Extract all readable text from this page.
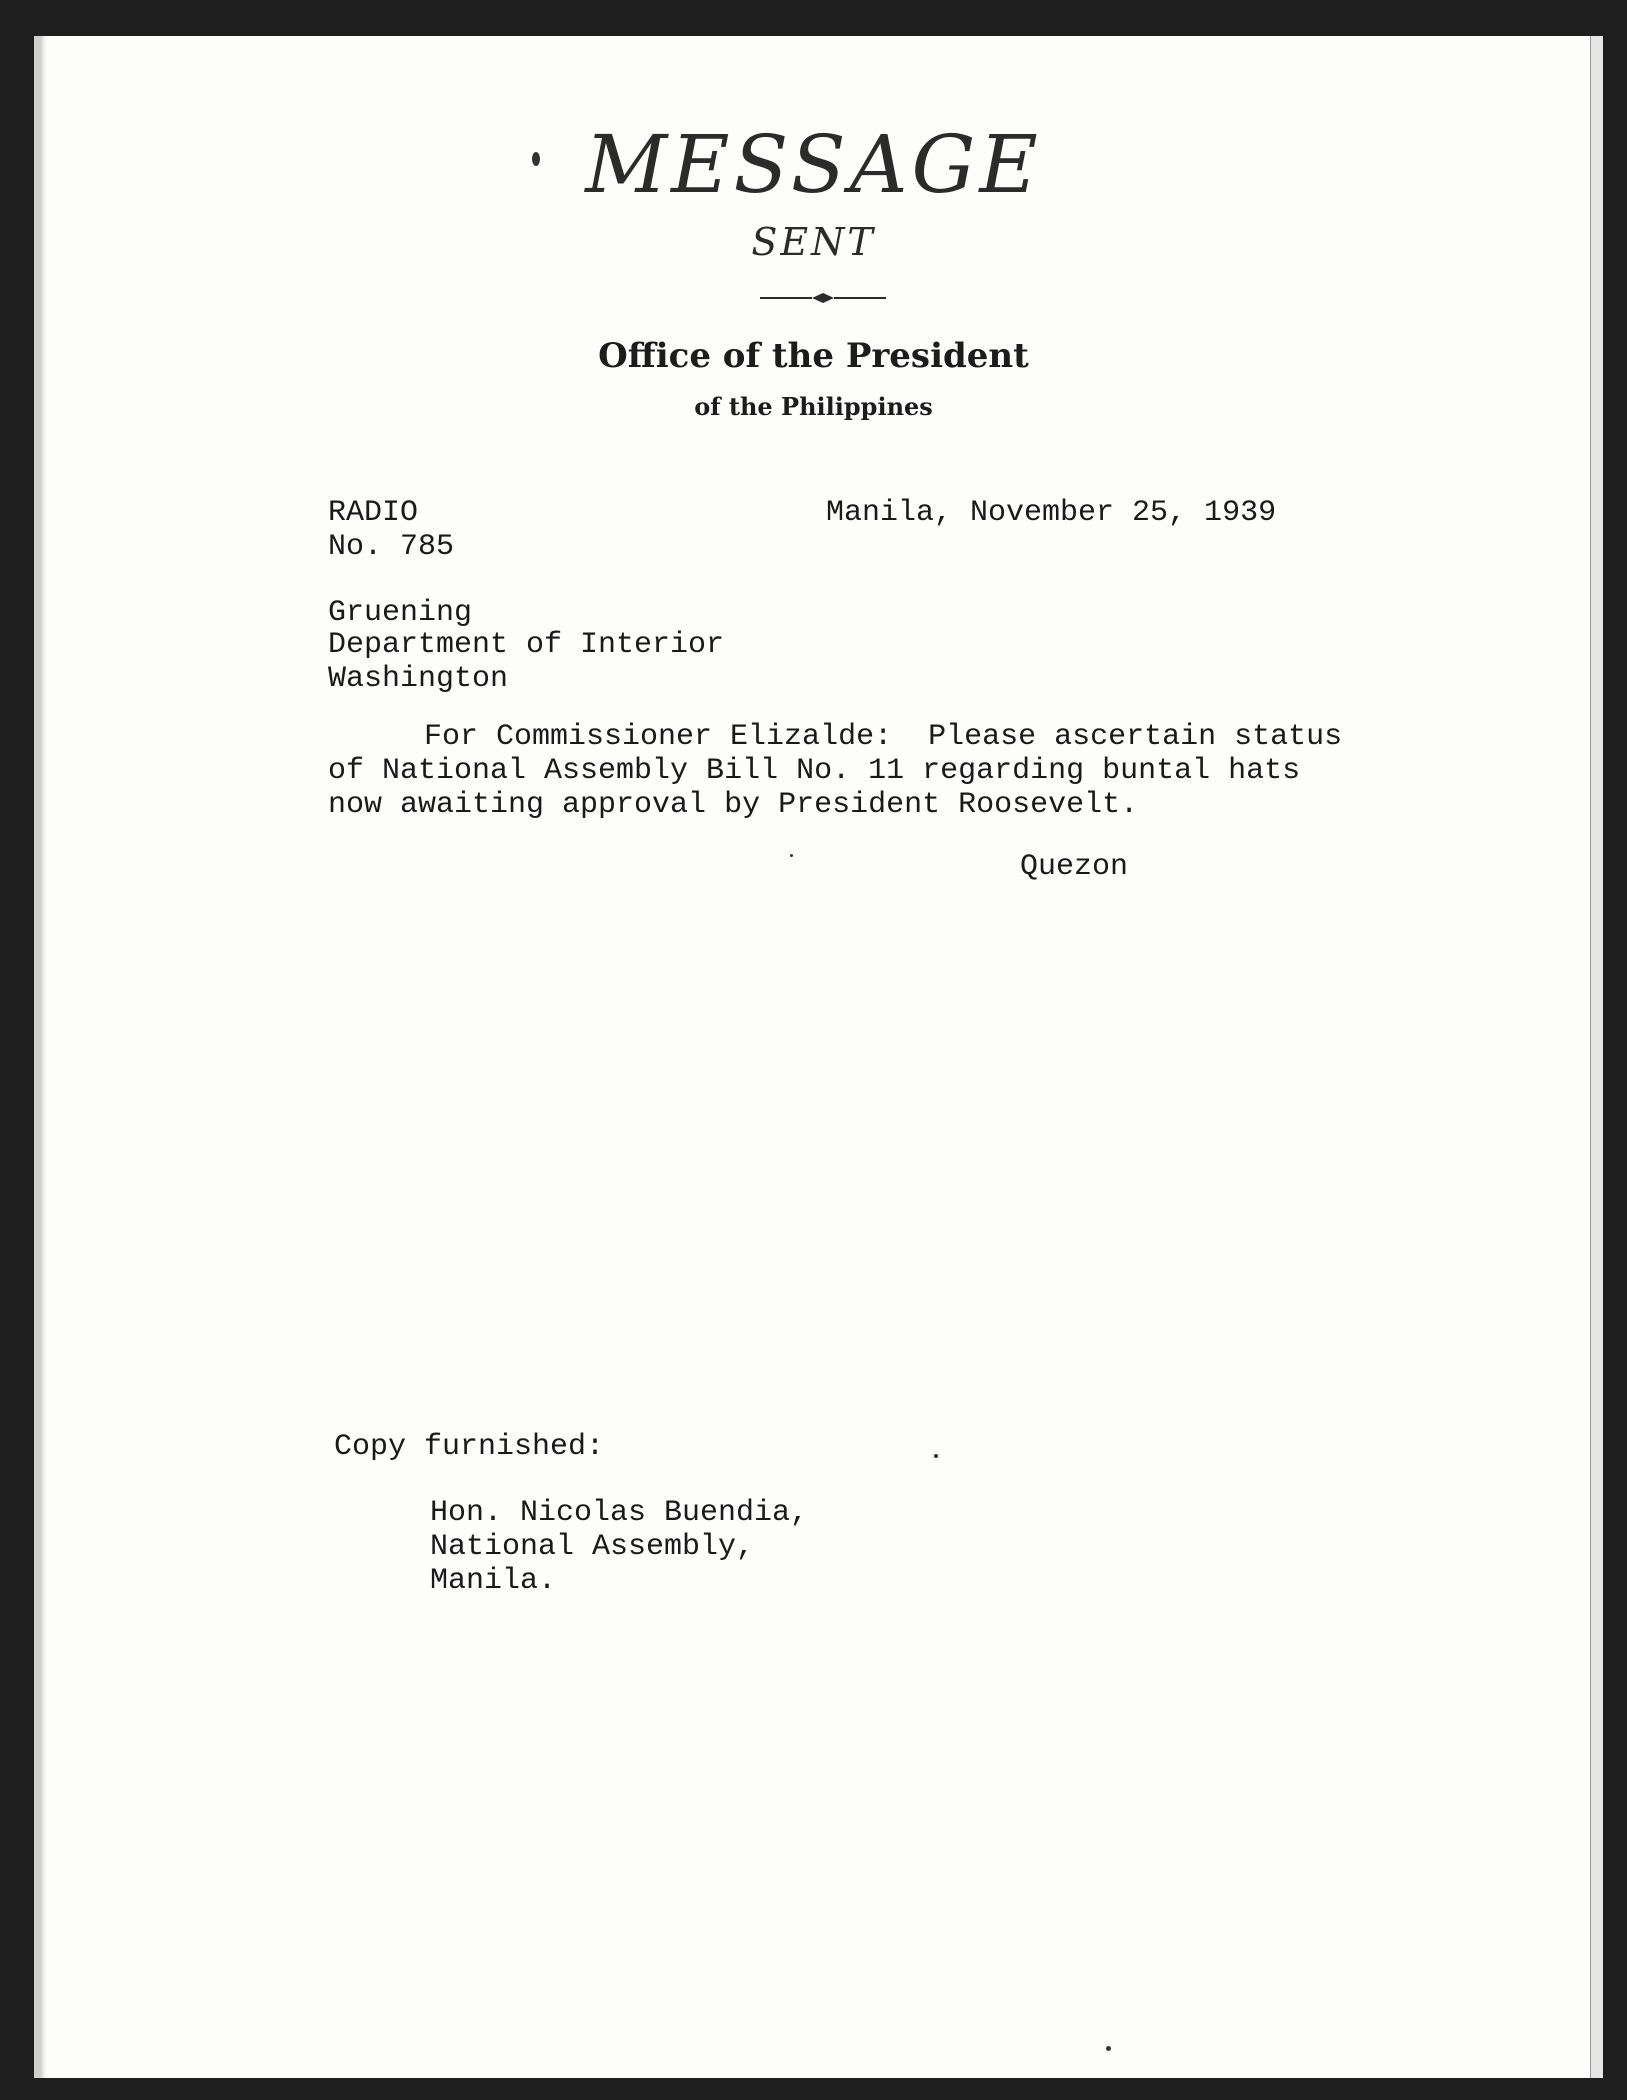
MESSAGE
SENT
Office of the President
of the Philippines
RADIO
No. 785
Manila, November 25, 1939
Gruening
Department of Interior
Washington
For Commissioner Elizalde:  Please ascertain status
of National Assembly Bill No. 11 regarding buntal hats
now awaiting approval by President Roosevelt.
Quezon
Copy furnished:
Hon. Nicolas Buendia,
National Assembly,
Manila.
